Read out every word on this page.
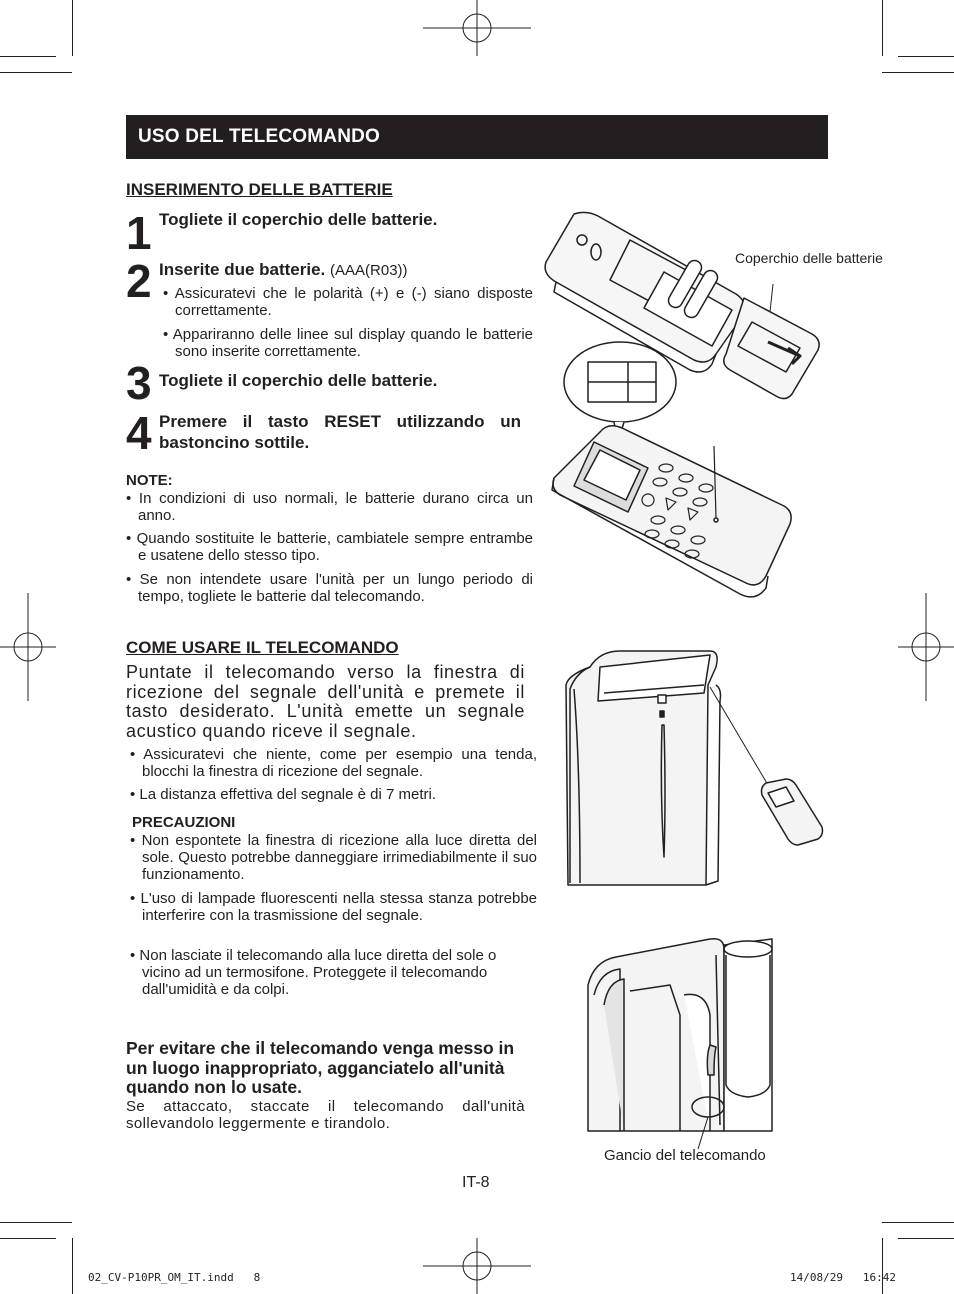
USO DEL TELECOMANDO
INSERIMENTO DELLE BATTERIE
1 Togliete il coperchio delle batterie.
2 Inserite due batterie. (AAA(R03))
• Assicuratevi che le polarità (+) e (-) siano disposte correttamente.
• Appariranno delle linee sul display quando le batterie sono inserite correttamente.
3 Togliete il coperchio delle batterie.
4 Premere il tasto RESET utilizzando un bastoncino sottile.
NOTE:
• In condizioni di uso normali, le batterie durano circa un anno.
• Quando sostituite le batterie, cambiatele sempre entrambe e usatene dello stesso tipo.
• Se non intendete usare l'unità per un lungo periodo di tempo, togliete le batterie dal telecomando.
Coperchio delle batterie
COME USARE IL TELECOMANDO
Puntate il telecomando verso la finestra di ricezione del segnale dell'unità e premete il tasto desiderato. L'unità emette un segnale acustico quando riceve il segnale.
• Assicuratevi che niente, come per esempio una tenda, blocchi la finestra di ricezione del segnale.
• La distanza effettiva del segnale è di 7 metri.
PRECAUZIONI
• Non espontete la finestra di ricezione alla luce diretta del sole. Questo potrebbe danneggiare irrimediabilmente il suo funzionamento.
• L'uso di lampade fluorescenti nella stessa stanza potrebbe interferire con la trasmissione del segnale.
• Non lasciate il telecomando alla luce diretta del sole o vicino ad un termosifone. Proteggete il telecomando dall'umidità e da colpi.
Per evitare che il telecomando venga messo in un luogo inappropriato, agganciatelo all'unità quando non lo usate.
Se attaccato, staccate il telecomando dall'unità sollevandolo leggermente e tirandolo.
Gancio del telecomando
IT-8
02_CV-P10PR_OM_IT.indd   8	14/08/29   16:42
